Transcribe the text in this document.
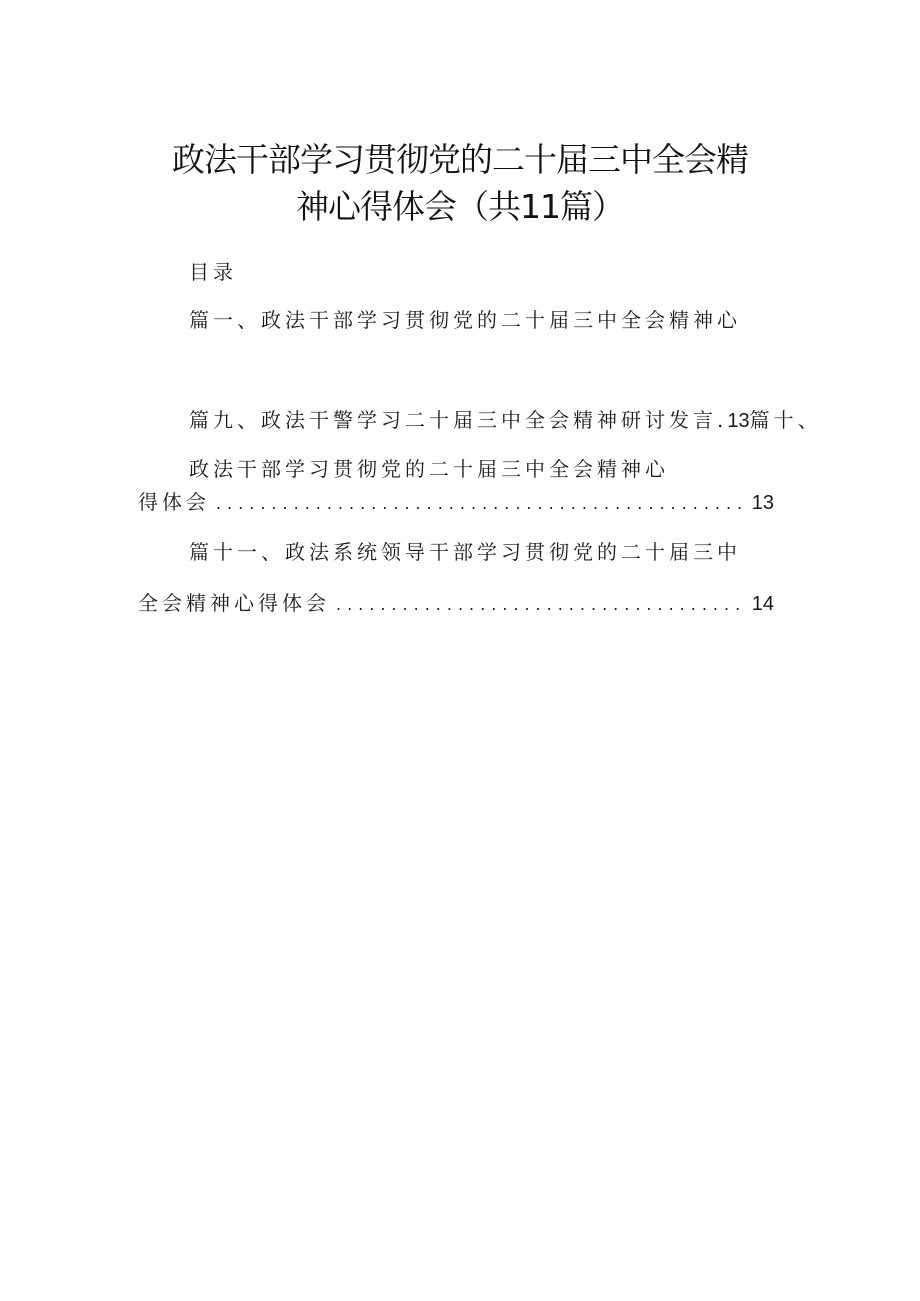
政法干部学习贯彻党的二十届三中全会精
神心得体会（共11篇）
目录
篇一、政法干部学习贯彻党的二十届三中全会精神心
篇九、政法干警学习二十届三中全会精神研讨发言.13篇十、
政法干部学习贯彻党的二十届三中全会精神心
得体会 .....	13
篇十一、政法系统领导干部学习贯彻党的二十届三中
全会精神心得体会 .....	14
